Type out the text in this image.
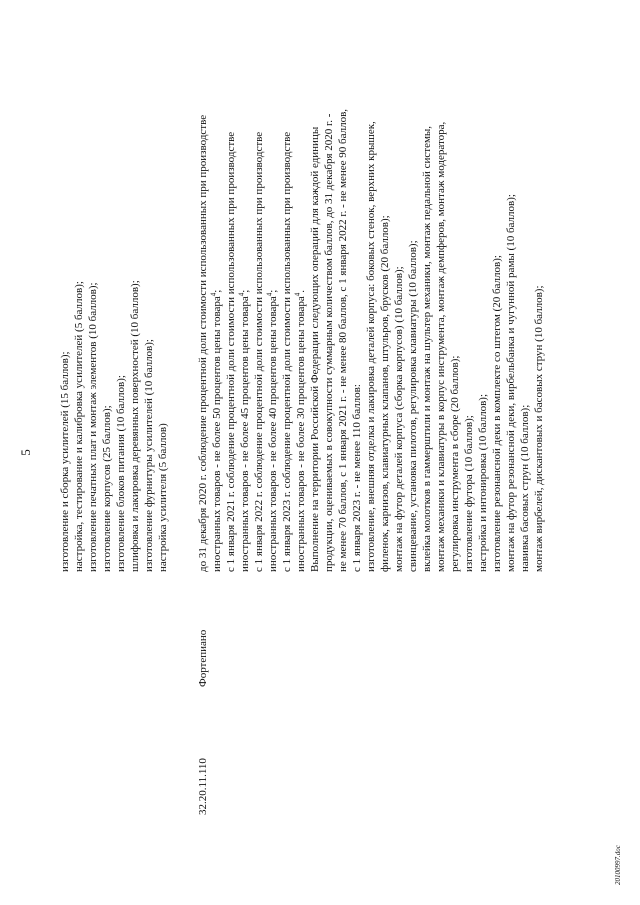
5 изготовление и сборка усилителей (15 баллов); настройка, тестирование и калибровка усилителей (5 баллов); изготовление печатных плат и монтаж элементов (10 баллов); изготовление корпусов (25 баллов); изготовление блоков питания (10 баллов); шлифовка и лакировка деревянных поверхностей (10 баллов); изготовление фурнитуры усилителей (10 баллов); настройка усилителя (5 баллов)
32.20.11.110
Фортепиано
до 31 декабря 2020 г. соблюдение процентной доли стоимости использованных при производстве иностранных товаров - не более 50 процентов цены товара$^4$; с 1 января 2021 г. соблюдение процентной доли стоимости использованных при производстве иностранных товаров - не более 45 процентов цены товара$^4$; с 1 января 2022 г. соблюдение процентной доли стоимости использованных при производстве иностранных товаров - не более 40 процентов цены товара$^4$; с 1 января 2023 г. соблюдение процентной доли стоимости использованных при производстве иностранных товаров - не более 30 процентов цены товара$^4$. Выполнение на территории Российской Федерации следующих операций для каждой единицы продукции, оцениваемых в совокупности суммарным количеством баллов, до 31 декабря 2020 г. - не менее 70 баллов, с 1 января 2021 г. - не менее 80 баллов, с 1 января 2022 г. - не менее 90 баллов, с 1 января 2023 г. - не менее 110 баллов: изготовление, внешняя отделка и лакировка деталей корпуса: боковых стенок, верхних крышек, филенок, карнизов, клавиатурных клапанов, штульров, брусков (20 баллов); монтаж на футор деталей корпуса (сборка корпусов) (10 баллов); свинцевание, установка пилотов, регулировка клавиатуры (10 баллов); вклейка молотков в гаммерштили и монтаж на шультер механики, монтаж педальной системы, монтаж механики и клавиатуры в корпус инструмента, монтаж демпферов, монтаж модератора, регулировка инструмента в сборе (20 баллов); изготовление футора (10 баллов); настройка и интонировка (10 баллов); изготовление резонансной деки в комплекте со штегом (20 баллов); монтаж на футор резонансной деки, вирбельбанка и чугунной рамы (10 баллов); навивка басовых струн (10 баллов); монтаж вирбелей, дискантовых и басовых струн (10 баллов);
20100997.doc
